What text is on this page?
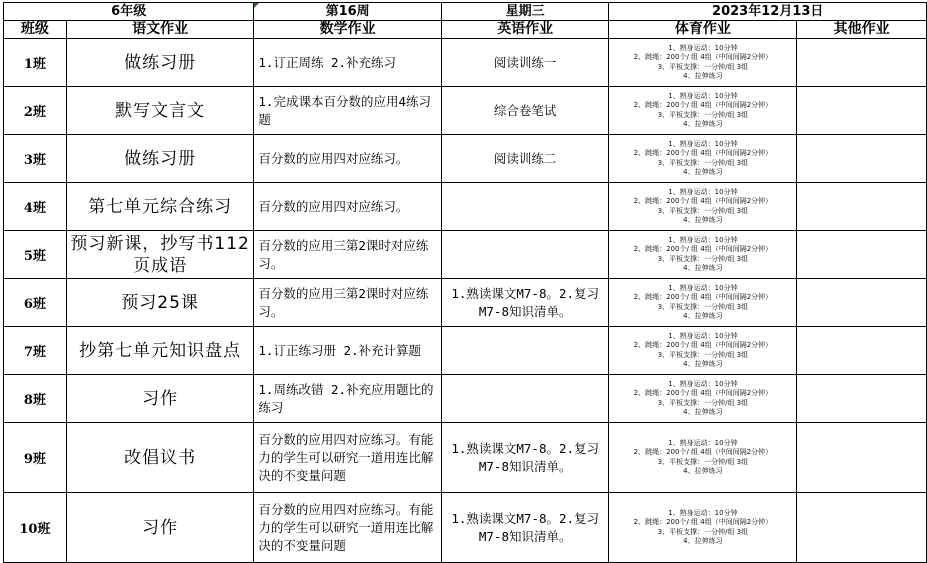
6年级		第16周	星期三	2023年12月13日	
班级	语文作业	数学作业	英语作业	体育作业	其他作业
1班	做练习册	1.订正周练 2.补充练习	阅读训练一	1、熟身运动：10分钟
2、跳绳：200个/ 组 4组（中间间隔2分钟）
3、平板支撑：一分钟/组 3组
4、拉伸练习	
2班	默写文言文	1.完成课本百分数的应用4练习题	综合卷笔试	1、熟身运动：10分钟
2、跳绳：200个/ 组 4组（中间间隔2分钟）
3、平板支撑：一分钟/组 3组
4、拉伸练习	
3班	做练习册	百分数的应用四对应练习。	阅读训练二	1、熟身运动：10分钟
2、跳绳：200个/ 组 4组（中间间隔2分钟）
3、平板支撑：一分钟/组 3组
4、拉伸练习	
4班	第七单元综合练习	百分数的应用四对应练习。		1、熟身运动：10分钟
2、跳绳：200个/ 组 4组（中间间隔2分钟）
3、平板支撑：一分钟/组 3组
4、拉伸练习	
5班	预习新课，抄写书112页成语	百分数的应用三第2课时对应练习。		1、熟身运动：10分钟
2、跳绳：200个/ 组 4组（中间间隔2分钟）
3、平板支撑：一分钟/组 3组
4、拉伸练习	
6班	预习25课	百分数的应用三第2课时对应练习。	1.熟读课文M7-8。2.复习M7-8知识清单。	1、熟身运动：10分钟
2、跳绳：200个/ 组 4组（中间间隔2分钟）
3、平板支撑：一分钟/组 3组
4、拉伸练习	
7班	抄第七单元知识盘点	1.订正练习册 2.补充计算题		1、熟身运动：10分钟
2、跳绳：200个/ 组 4组（中间间隔2分钟）
3、平板支撑：一分钟/组 3组
4、拉伸练习	
8班	习作	1.周练改错 2.补充应用题比的练习		1、熟身运动：10分钟
2、跳绳：200个/ 组 4组（中间间隔2分钟）
3、平板支撑：一分钟/组 3组
4、拉伸练习	
9班	改倡议书	百分数的应用四对应练习。有能力的学生可以研究一道用连比解决的不变量问题	1.熟读课文M7-8。2.复习M7-8知识清单。	1、熟身运动：10分钟
2、跳绳：200个/ 组 4组（中间间隔2分钟）
3、平板支撑：一分钟/组 3组
4、拉伸练习	
10班	习作	百分数的应用四对应练习。有能力的学生可以研究一道用连比解决的不变量问题	1.熟读课文M7-8。2.复习M7-8知识清单。	1、熟身运动：10分钟
2、跳绳：200个/ 组 4组（中间间隔2分钟）
3、平板支撑：一分钟/组 3组
4、拉伸练习	
